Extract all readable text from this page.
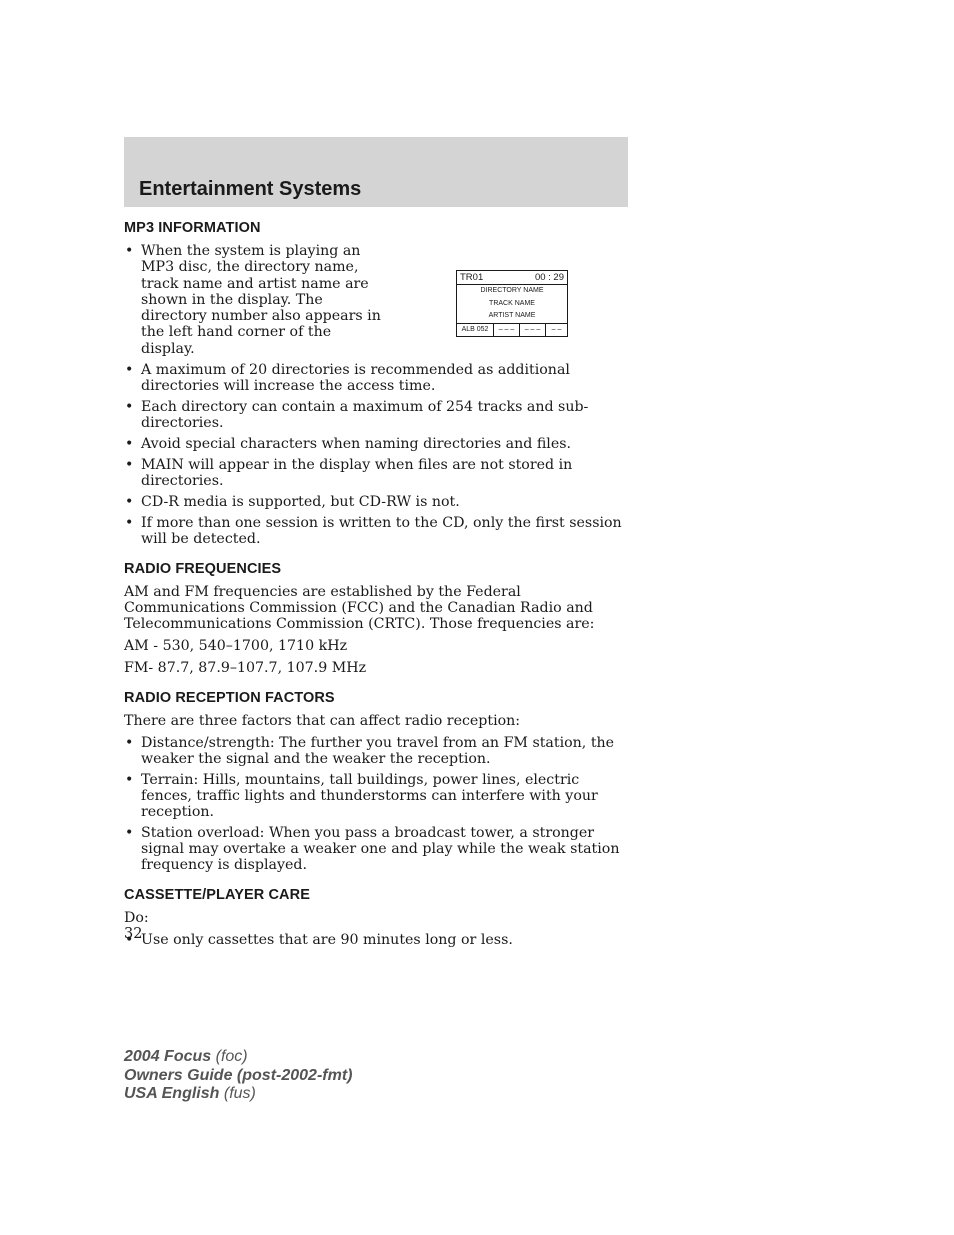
Entertainment Systems
MP3 INFORMATION
• When the system is playing an MP3 disc, the directory name, track name and artist name are shown in the display. The directory number also appears in the left hand corner of the display.
TR01	00 : 29
DIRECTORY NAME
TRACK NAME
ARTIST NAME
ALB 052	– – –	– – –	– –
• A maximum of 20 directories is recommended as additional directories will increase the access time.
• Each directory can contain a maximum of 254 tracks and sub-directories.
• Avoid special characters when naming directories and files.
• MAIN will appear in the display when files are not stored in directories.
• CD-R media is supported, but CD-RW is not.
• If more than one session is written to the CD, only the first session will be detected.
RADIO FREQUENCIES

AM and FM frequencies are established by the Federal Communications Commission (FCC) and the Canadian Radio and Telecommunications Commission (CRTC). Those frequencies are:

AM - 530, 540–1700, 1710 kHz

FM- 87.7, 87.9–107.7, 107.9 MHz

RADIO RECEPTION FACTORS

There are three factors that can affect radio reception:

• Distance/strength: The further you travel from an FM station, the weaker the signal and the weaker the reception.
• Terrain: Hills, mountains, tall buildings, power lines, electric fences, traffic lights and thunderstorms can interfere with your reception.
• Station overload: When you pass a broadcast tower, a stronger signal may overtake a weaker one and play while the weak station frequency is displayed.
CASSETTE/PLAYER CARE

Do:

• Use only cassettes that are 90 minutes long or less.
32
2004 Focus (foc)
Owners Guide (post-2002-fmt)
USA English (fus)
